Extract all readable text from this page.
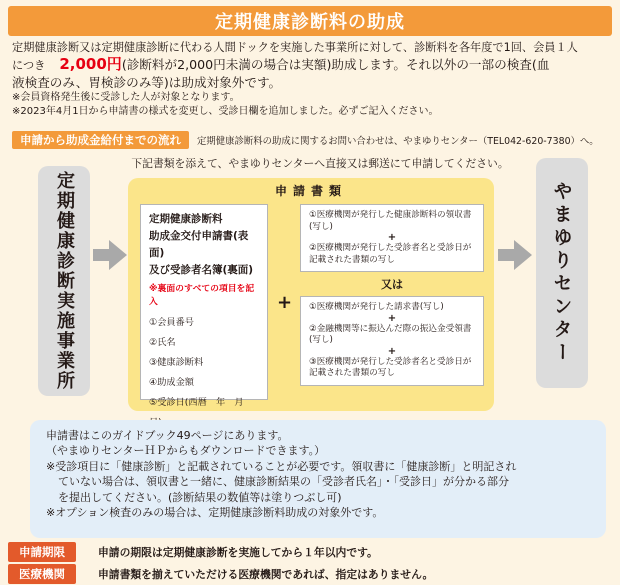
定期健康診断料の助成
定期健康診断又は定期健康診断に代わる人間ドックを実施した事業所に対して、診断料を各年度で1回、会員１人
につき 2,000円(診断料が2,000円未満の場合は実額)助成します。それ以外の一部の検査(血
液検査のみ、胃検診のみ等)は助成対象外です。
※会員資格発生後に受診した人が対象となります。
※2023年4月1日から申請書の様式を変更し、受診日欄を追加しました。必ずご記入ください。
申請から助成金給付までの流れ	定期健康診断料の助成に関するお問い合わせは、やまゆりセンター（TEL042-620-7380）へ。
下記書類を添えて、やまゆりセンターへ直接又は郵送にて申請してください。
定期健康診断実施事業所	申請書類
定期健康診断料
助成金交付申請書(表面)
及び受診者名簿(裏面)
※裏面のすべての項目を記入
①会員番号
②氏名
③健康診断料
④助成金額
⑤受診日(西暦　年　月　
+
①医療機関が発行した健康診断料の領収書(写し)
+
②医療機関が発行した受診者名と受診日が記載された書類の写し
又は
①医療機関が発行した請求書(写し)
+
②金融機関等に振込んだ際の振込金受領書(写し)
+
③医療機関が発行した受診者名と受診日が記載された書類の写し
やまゆりセンター
申請書はこのガイドブック49ページにあります。
（やまゆりセンターＨＰからもダウンロードできます。）
※受診項目に「健康診断」と記載されていることが必要です。領収書に「健康診断」と明記され
ていない場合は、領収書と一緒に、健康診断結果の「受診者氏名」・「受診日」が分かる部分
を提出してください。(診断結果の数値等は塗りつぶし可)
※オプション検査のみの場合は、定期健康診断料助成の対象外です。
申請期限	申請の期限は定期健康診断を実施してから１年以内です。
医療機関	申請書類を揃えていただける医療機関であれば、指定はありません。
